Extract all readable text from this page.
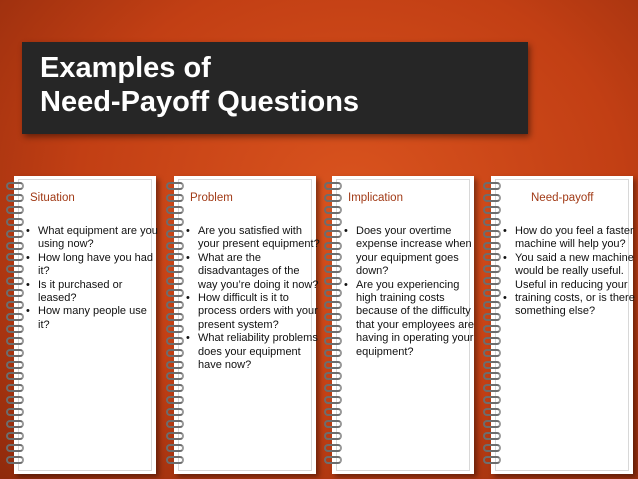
Examples of
Need-Payoff Questions
Situation
• What equipment are you using now?
• How long have you had it?
• Is it purchased or leased?
• How many people use it?
Problem
• Are you satisfied with your present equipment?
• What are the disadvantages of the way you’re doing it now?
• How difficult is it to process orders with your present system?
• What reliability problems does your equipment have now?
Implication
• Does your overtime expense increase when your equipment goes down?
• Are you experiencing high training costs because of the difficulty that your employees are having in operating your equipment?
Need-payoff
• How do you feel a faster machine will help you?
• You said a new machine would be really useful. Useful in reducing your
• training costs, or is there something else?
